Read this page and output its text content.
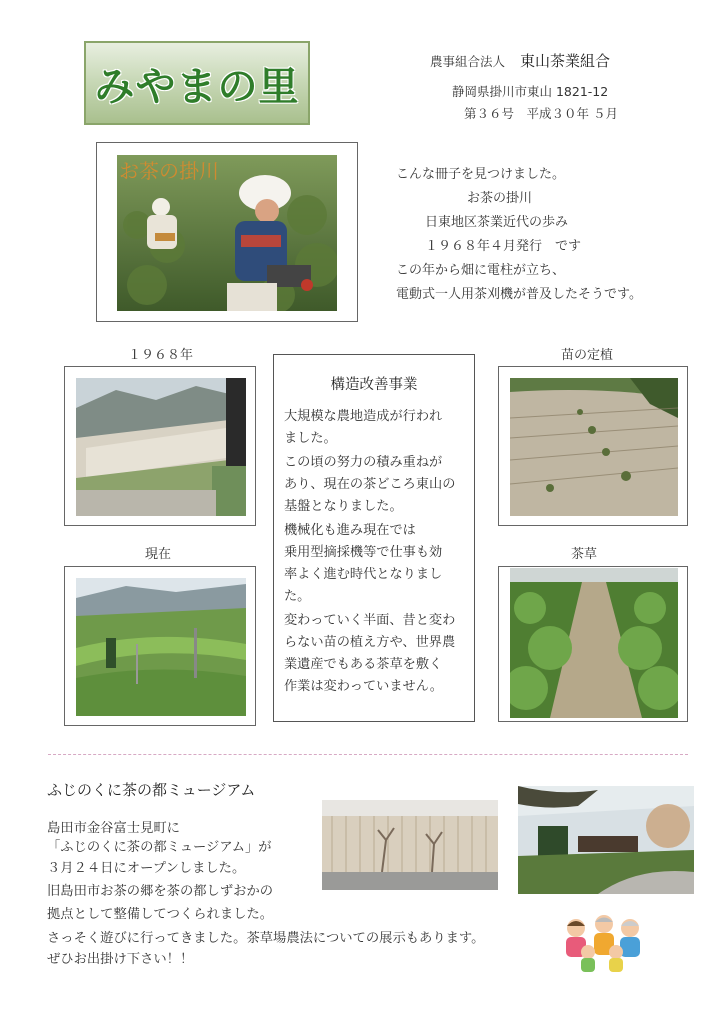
みやまの里
農事組合法人 東山茶業組合
静岡県掛川市東山 1821-12
第３６号　平成３０年 ５月
お茶の掛川	こんな冊子を見つけました。
お茶の掛川
日東地区茶業近代の歩み
１９６８年４月発行　です
この年から畑に電柱が立ち、
電動式一人用茶刈機が普及したそうです。
１９６８年
現在
構造改善事業
大規模な農地造成が行われ
ました。
この頃の努力の積み重ねが
あり、現在の茶どころ東山の
基盤となりました。
機械化も進み現在では
乗用型摘採機等で仕事も効
率よく進む時代となりまし
た。
変わっていく半面、昔と変わ
らない苗の植え方や、世界農
業遺産でもある茶草を敷く
作業は変わっていません。
苗の定植
茶草
ふじのくに茶の都ミュージアム
島田市金谷富士見町に
「ふじのくに茶の都ミュージアム」が
３月２４日にオープンしました。
旧島田市お茶の郷を茶の都しずおかの
拠点として整備してつくられました。
さっそく遊びに行ってきました。茶草場農法についての展示もあります。
ぜひお出掛け下さい！！
